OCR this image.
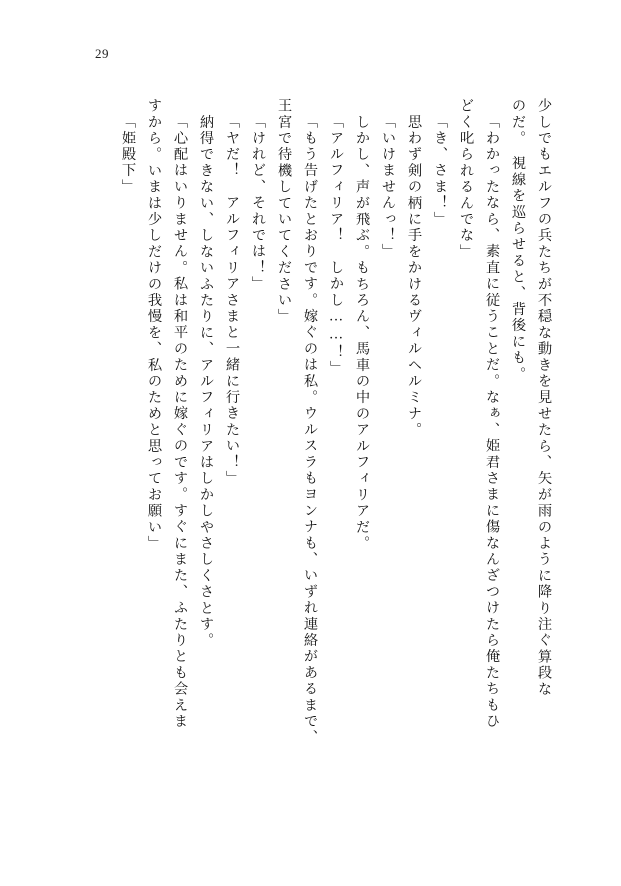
29
少しでもエルフの兵たちが不穏な動きを見せたら、矢が雨のように降り注ぐ算段な
のだ。　視線を巡らせると、背後にも。
「わかったなら、素直に従うことだ。なぁ、姫君さまに傷なんざつけたら俺たちもひ
どく叱られるんでな」
「き、さま！」
　思わず剣の柄に手をかけるヴィルヘルミナ。
「いけませんっ！」
　しかし、声が飛ぶ。もちろん、馬車の中のアルフィリアだ。
「アルフィリア！　しかし……！」
「もう告げたとおりです。嫁ぐのは私。ウルスラもヨンナも、いずれ連絡があるまで、
王宮で待機していてください」
「けれど、それでは！」
「ヤだ！　アルフィリアさまと一緒に行きたい！」
　納得できない、しないふたりに、アルフィリアはしかしやさしくさとす。
「心配はいりません。私は和平のために嫁ぐのです。すぐにまた、ふたりとも会えま
すから。いまは少しだけの我慢を、私のためと思ってお願い」
「姫殿下」
